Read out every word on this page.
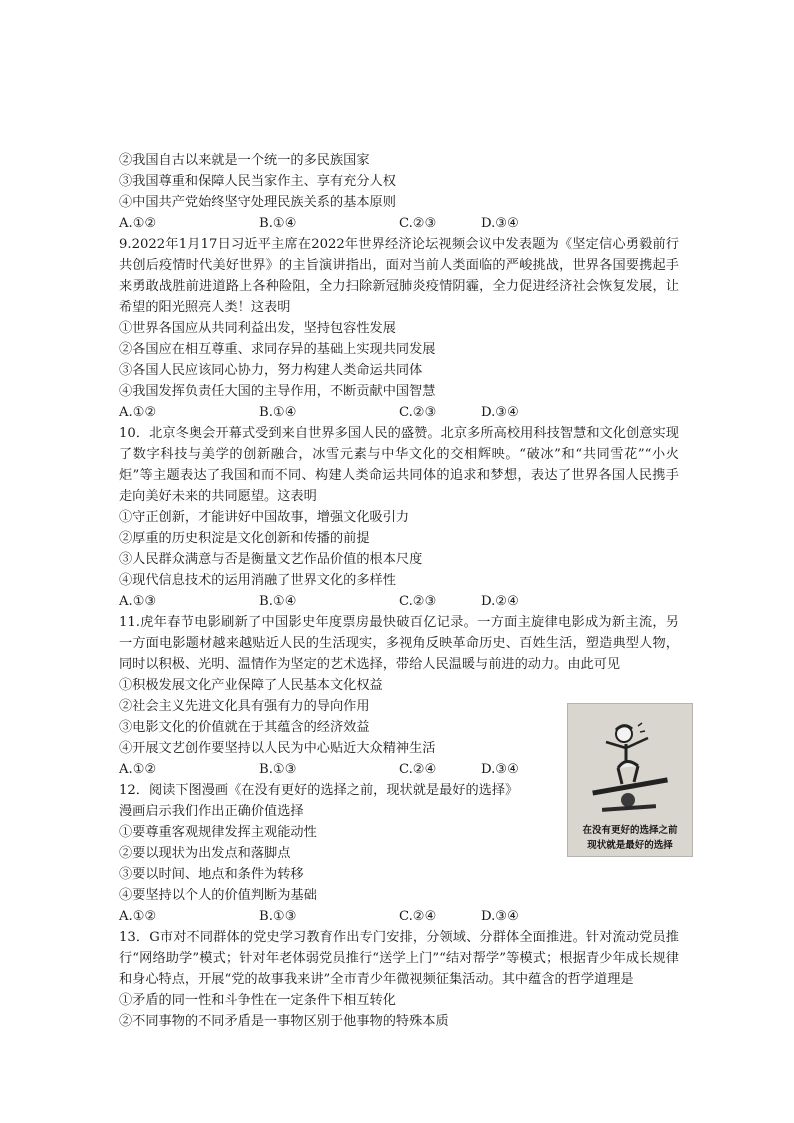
②我国自古以来就是一个统一的多民族国家
③我国尊重和保障人民当家作主、享有充分人权
④中国共产党始终坚守处理民族关系的基本原则
A.①②	B.①④	C.②③	D.③④
9.2022年1月17日习近平主席在2022年世界经济论坛视频会议中发表题为《坚定信心勇毅前行共创后疫情时代美好世界》的主旨演讲指出，面对当前人类面临的严峻挑战，世界各国要携起手来勇敢战胜前进道路上各种险阻，全力扫除新冠肺炎疫情阴霾，全力促进经济社会恢复发展，让希望的阳光照亮人类！这表明
①世界各国应从共同利益出发，坚持包容性发展
②各国应在相互尊重、求同存异的基础上实现共同发展
③各国人民应该同心协力，努力构建人类命运共同体
④我国发挥负责任大国的主导作用，不断贡献中国智慧
A.①②	B.①④	C.②③	D.③④
10．北京冬奥会开幕式受到来自世界多国人民的盛赞。北京多所高校用科技智慧和文化创意实现了数字科技与美学的创新融合，冰雪元素与中华文化的交相辉映。“破冰”和“共同雪花”“小火炬”等主题表达了我国和而不同、构建人类命运共同体的追求和梦想，表达了世界各国人民携手走向美好未来的共同愿望。这表明
①守正创新，才能讲好中国故事，增强文化吸引力
②厚重的历史积淀是文化创新和传播的前提
③人民群众满意与否是衡量文艺作品价值的根本尺度
④现代信息技术的运用消融了世界文化的多样性
A.①③	B.①④	C.②③	D.②④
11.虎年春节电影刷新了中国影史年度票房最快破百亿记录。一方面主旋律电影成为新主流，另一方面电影题材越来越贴近人民的生活现实，多视角反映革命历史、百姓生活，塑造典型人物，同时以积极、光明、温情作为坚定的艺术选择，带给人民温暖与前进的动力。由此可见
①积极发展文化产业保障了人民基本文化权益
②社会主义先进文化具有强有力的导向作用
③电影文化的价值就在于其蕴含的经济效益
④开展文艺创作要坚持以人民为中心贴近大众精神生活
A.①②	B.①③	C.②④	D.③④
12．阅读下图漫画《在没有更好的选择之前，现状就是最好的选择》
漫画启示我们作出正确价值选择
①要尊重客观规律发挥主观能动性
②要以现状为出发点和落脚点
③要以时间、地点和条件为转移
④要坚持以个人的价值判断为基础
A.①②	B.①③	C.②④	D.③④
13．G市对不同群体的党史学习教育作出专门安排，分领域、分群体全面推进。针对流动党员推行“网络助学”模式；针对年老体弱党员推行“送学上门”“结对帮学”等模式；根据青少年成长规律和身心特点，开展“党的故事我来讲”全市青少年微视频征集活动。其中蕴含的哲学道理是
①矛盾的同一性和斗争性在一定条件下相互转化
②不同事物的不同矛盾是一事物区别于他事物的特殊本质
在没有更好的选择之前
现状就是最好的选择
